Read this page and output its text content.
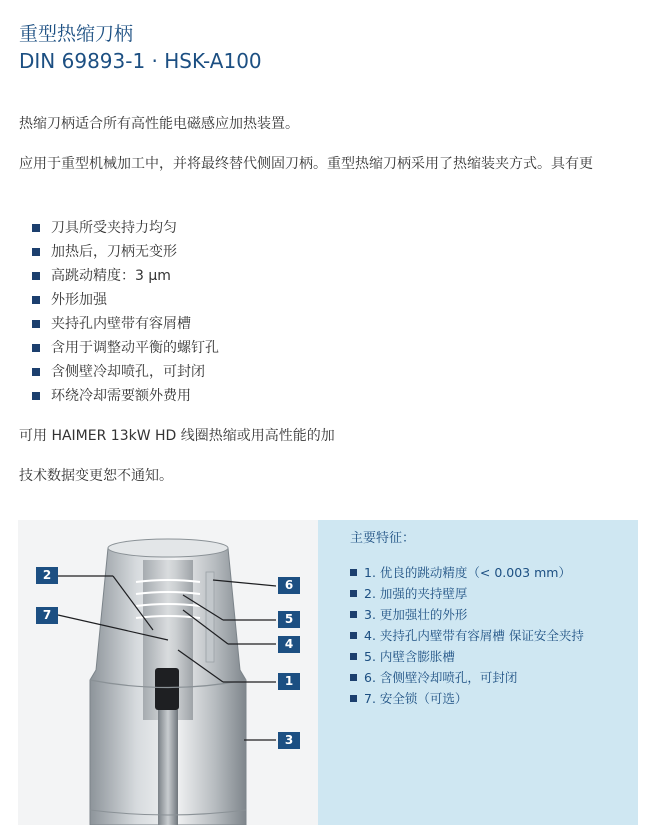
重型热缩刀柄
DIN 69893-1 · HSK-A100

热缩刀柄适合所有高性能电磁感应加热装置。

应用于重型机械加工中，并将最终替代侧固刀柄。重型热缩刀柄采用了热缩装夹方式。具有更

刀具所受夹持力均匀
加热后，刀柄无变形
高跳动精度：3 μm
外形加强
夹持孔内壁带有容屑槽
含用于调整动平衡的螺钉孔
含侧壁冷却喷孔，可封闭
环绕冷却需要额外费用

可用 HAIMER 13kW HD 线圈热缩或用高性能的加

技术数据变更恕不通知。

2
7
6
5
4
1
3
主要特征：
1. 优良的跳动精度（< 0.003 mm）
2. 加强的夹持壁厚
3. 更加强壮的外形
4. 夹持孔内壁带有容屑槽 保证安全夹持
5. 内壁含膨胀槽
6. 含侧壁冷却喷孔，可封闭
7. 安全锁（可选）
